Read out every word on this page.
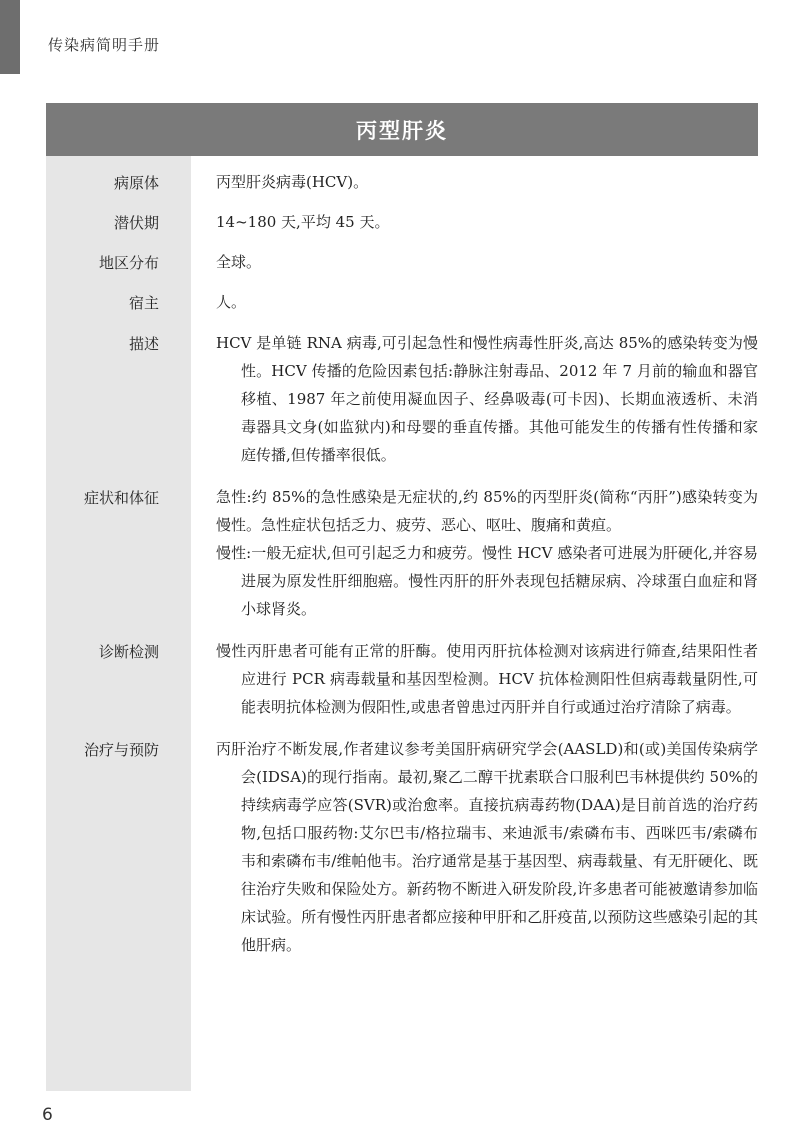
传染病简明手册
丙型肝炎
病原体	丙型肝炎病毒(HCV)。
潜伏期	14~180 天,平均 45 天。
地区分布	全球。
宿主	人。
描述	HCV 是单链 RNA 病毒,可引起急性和慢性病毒性肝炎,高达 85%的感染转变为慢性。HCV 传播的危险因素包括:静脉注射毒品、2012 年 7 月前的输血和器官移植、1987 年之前使用凝血因子、经鼻吸毒(可卡因)、长期血液透析、未消毒器具文身(如监狱内)和母婴的垂直传播。其他可能发生的传播有性传播和家庭传播,但传播率很低。
症状和体征	急性:约 85%的急性感染是无症状的,约 85%的丙型肝炎(简称“丙肝”)感染转变为慢性。急性症状包括乏力、疲劳、恶心、呕吐、腹痛和黄疸。
慢性:一般无症状,但可引起乏力和疲劳。慢性 HCV 感染者可进展为肝硬化,并容易进展为原发性肝细胞癌。慢性丙肝的肝外表现包括糖尿病、冷球蛋白血症和肾小球肾炎。
诊断检测	慢性丙肝患者可能有正常的肝酶。使用丙肝抗体检测对该病进行筛查,结果阳性者应进行 PCR 病毒载量和基因型检测。HCV 抗体检测阳性但病毒载量阴性,可能表明抗体检测为假阳性,或患者曾患过丙肝并自行或通过治疗清除了病毒。
治疗与预防	丙肝治疗不断发展,作者建议参考美国肝病研究学会(AASLD)和(或)美国传染病学会(IDSA)的现行指南。最初,聚乙二醇干扰素联合口服利巴韦林提供约 50%的持续病毒学应答(SVR)或治愈率。直接抗病毒药物(DAA)是目前首选的治疗药物,包括口服药物:艾尔巴韦/格拉瑞韦、来迪派韦/索磷布韦、西咪匹韦/索磷布韦和索磷布韦/维帕他韦。治疗通常是基于基因型、病毒载量、有无肝硬化、既往治疗失败和保险处方。新药物不断进入研发阶段,许多患者可能被邀请参加临床试验。所有慢性丙肝患者都应接种甲肝和乙肝疫苗,以预防这些感染引起的其他肝病。
6
